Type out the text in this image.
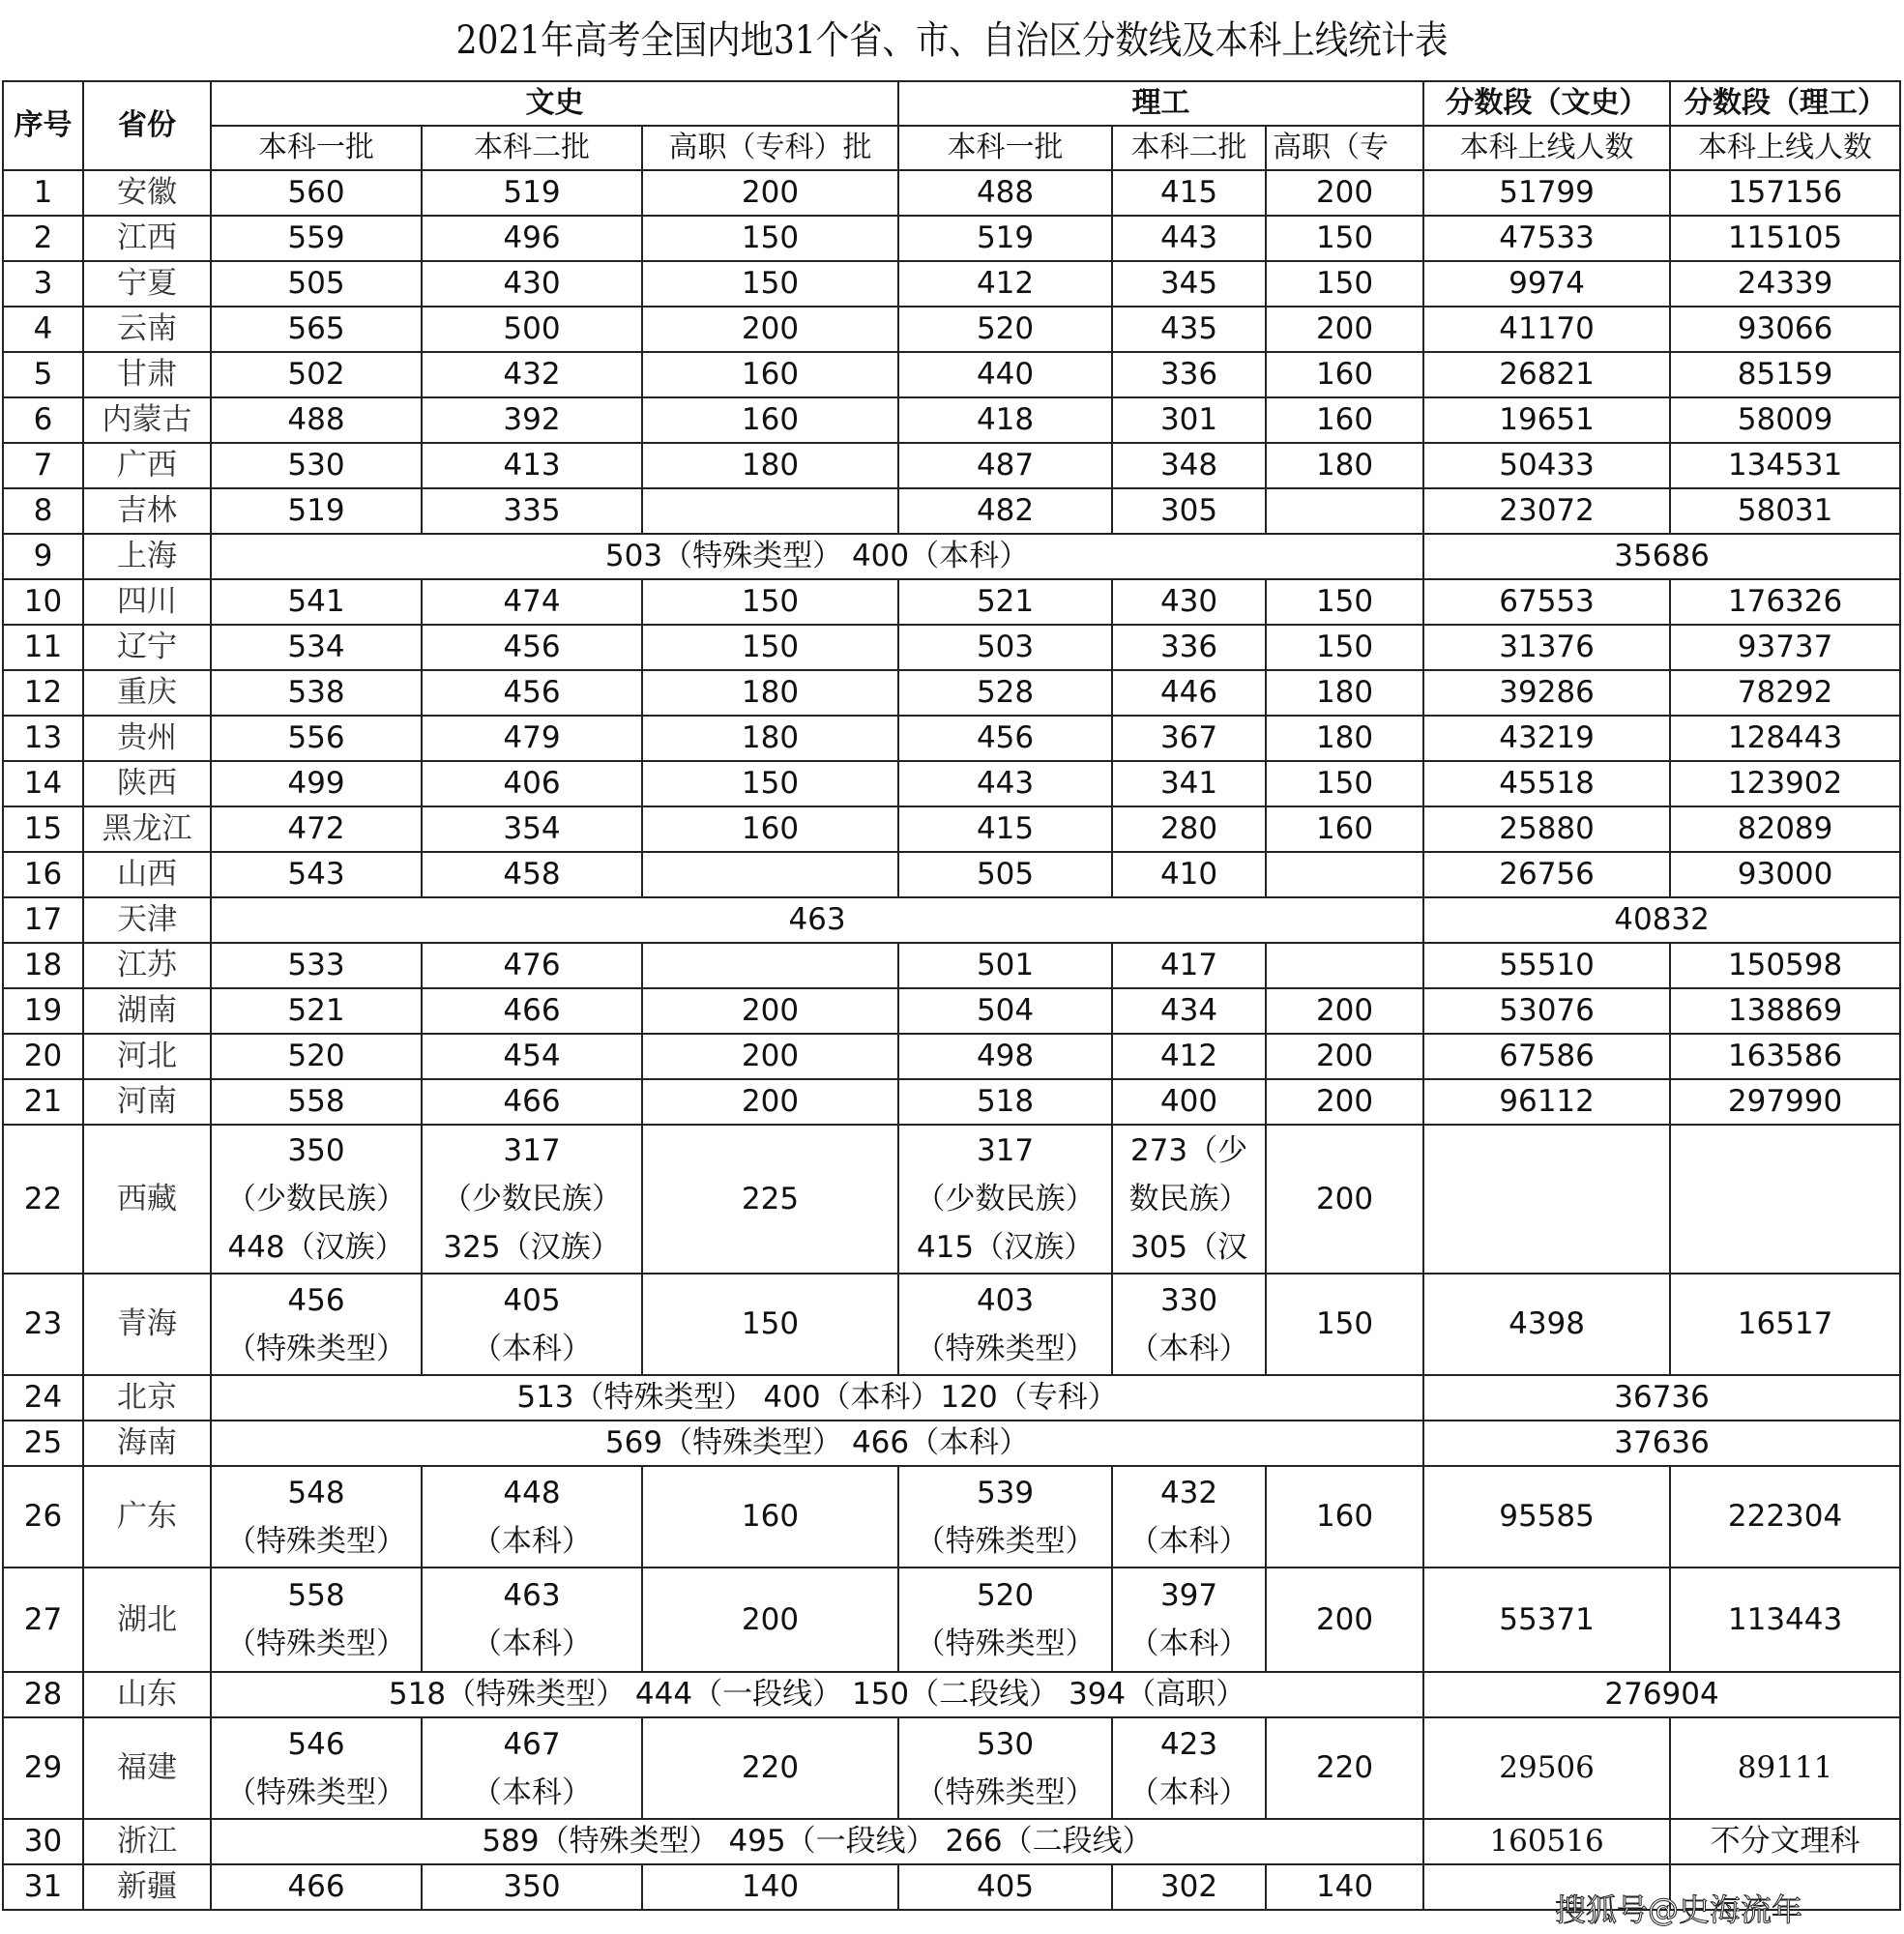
2021年高考全国内地31个省、市、自治区分数线及本科上线统计表
序号	省份	文史			理工			分数段（文史）	分数段（理工）
		本科一批	本科二批	高职（专科）批	本科一批	本科二批	高职（专	本科上线人数	本科上线人数
1	安徽	560	519	200	488	415	200	51799	157156
2	江西	559	496	150	519	443	150	47533	115105
3	宁夏	505	430	150	412	345	150	9974	24339
4	云南	565	500	200	520	435	200	41170	93066
5	甘肃	502	432	160	440	336	160	26821	85159
6	内蒙古	488	392	160	418	301	160	19651	58009
7	广西	530	413	180	487	348	180	50433	134531
8	吉林	519	335		482	305		23072	58031
9	上海	503（特殊类型） 400（本科）						35686	
10	四川	541	474	150	521	430	150	67553	176326
11	辽宁	534	456	150	503	336	150	31376	93737
12	重庆	538	456	180	528	446	180	39286	78292
13	贵州	556	479	180	456	367	180	43219	128443
14	陕西	499	406	150	443	341	150	45518	123902
15	黑龙江	472	354	160	415	280	160	25880	82089
16	山西	543	458		505	410		26756	93000
17	天津	463						40832	
18	江苏	533	476		501	417		55510	150598
19	湖南	521	466	200	504	434	200	53076	138869
20	河北	520	454	200	498	412	200	67586	163586
21	河南	558	466	200	518	400	200	96112	297990
22	西藏	350
（少数民族）
448（汉族）	317
（少数民族）
325（汉族）	225	317
（少数民族）
415（汉族）	273（少
数民族）
305（汉	200		
23	青海	456
（特殊类型）	405
（本科）	150	403
（特殊类型）	330
（本科）	150	4398	16517
24	北京	513（特殊类型） 400（本科）120（专科）						36736	
25	海南	569（特殊类型） 466（本科）						37636	
26	广东	548
（特殊类型）	448
（本科）	160	539
（特殊类型）	432
（本科）	160	95585	222304
27	湖北	558
（特殊类型）	463
（本科）	200	520
（特殊类型）	397
（本科）	200	55371	113443
28	山东	518（特殊类型） 444（一段线） 150（二段线） 394（高职）						276904	
29	福建	546
（特殊类型）	467
（本科）	220	530
（特殊类型）	423
（本科）	220	29506	89111
30	浙江	589（特殊类型） 495（一段线） 266（二段线）						160516	不分文理科
31	新疆	466	350	140	405	302	140		
搜狐号@史海流年
